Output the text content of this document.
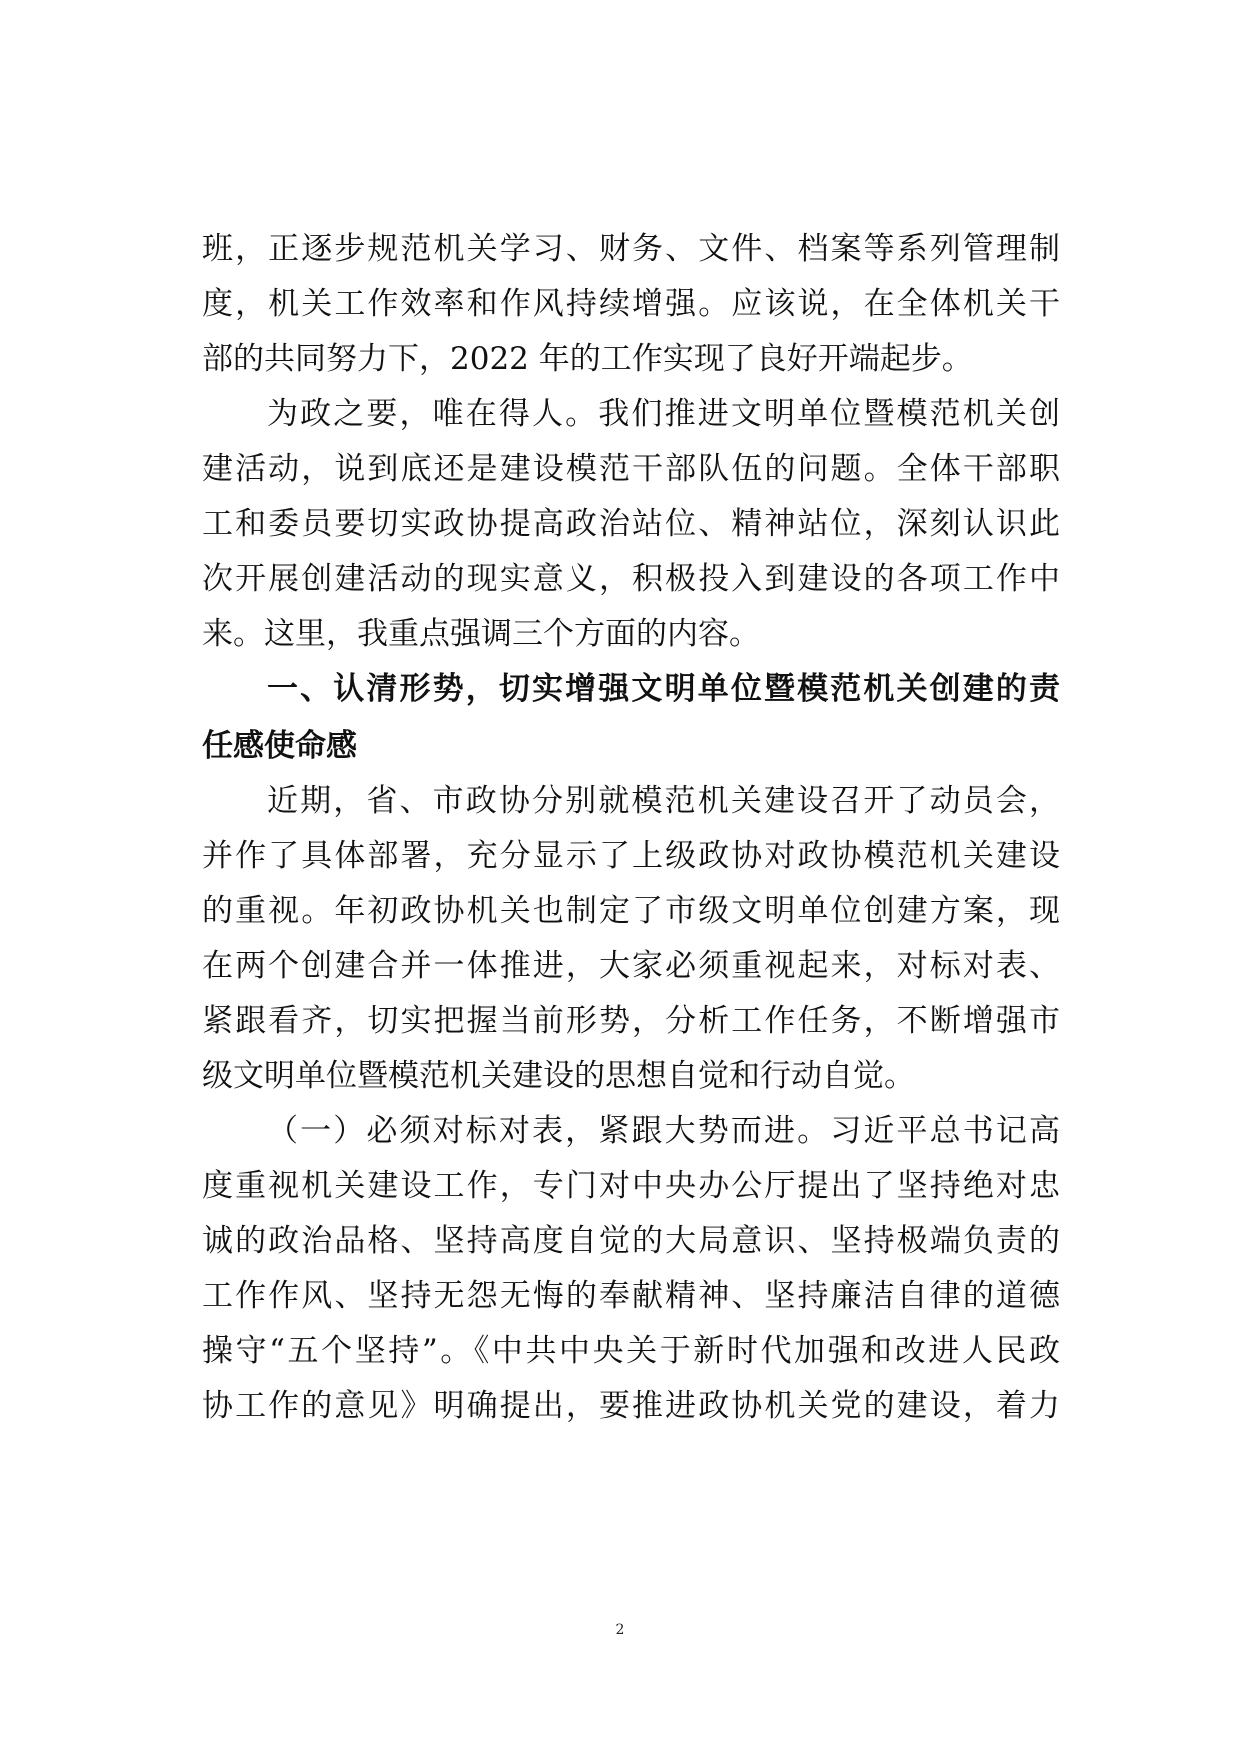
班，正逐步规范机关学习、财务、文件、档案等系列管理制
度，机关工作效率和作风持续增强。应该说，在全体机关干
部的共同努力下，2022 年的工作实现了良好开端起步。
为政之要，唯在得人。我们推进文明单位暨模范机关创
建活动，说到底还是建设模范干部队伍的问题。全体干部职
工和委员要切实政协提高政治站位、精神站位，深刻认识此
次开展创建活动的现实意义，积极投入到建设的各项工作中
来。这里，我重点强调三个方面的内容。
一、认清形势，切实增强文明单位暨模范机关创建的责
任感使命感
近期，省、市政协分别就模范机关建设召开了动员会，
并作了具体部署，充分显示了上级政协对政协模范机关建设
的重视。年初政协机关也制定了市级文明单位创建方案，现
在两个创建合并一体推进，大家必须重视起来，对标对表、
紧跟看齐，切实把握当前形势，分析工作任务，不断增强市
级文明单位暨模范机关建设的思想自觉和行动自觉。
（一）必须对标对表，紧跟大势而进。习近平总书记高
度重视机关建设工作，专门对中央办公厅提出了坚持绝对忠
诚的政治品格、坚持高度自觉的大局意识、坚持极端负责的
工作作风、坚持无怨无悔的奉献精神、坚持廉洁自律的道德
操守“五个坚持”。《中共中央关于新时代加强和改进人民政
协工作的意见》明确提出，要推进政协机关党的建设，着力
2
